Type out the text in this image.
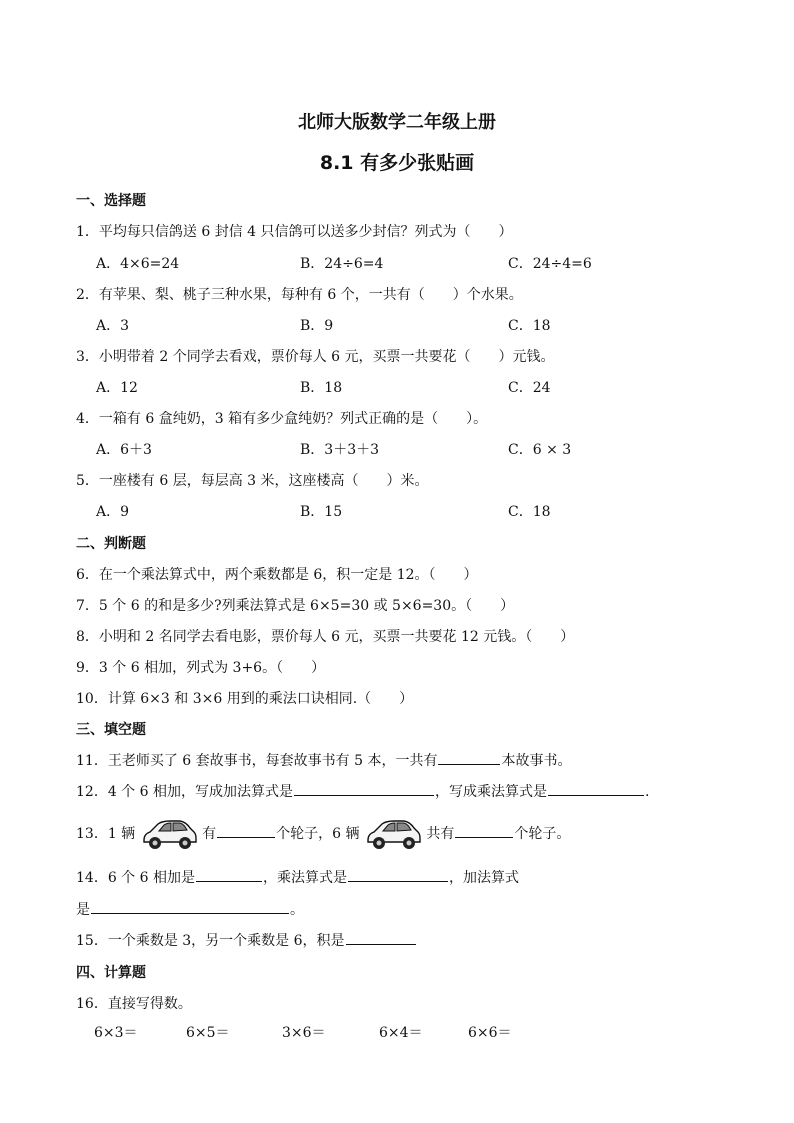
北师大版数学二年级上册
8.1 有多少张贴画
一、选择题
1．平均每只信鸽送 6 封信 4 只信鸽可以送多少封信？列式为（　　）
A．4×6=24	B．24÷6=4	C．24÷4=6
2．有苹果、梨、桃子三种水果，每种有 6 个，一共有（　　）个水果。
A．3	B．9	C．18
3．小明带着 2 个同学去看戏，票价每人 6 元，买票一共要花（　　）元钱。
A．12	B．18	C．24
4．一箱有 6 盒纯奶，3 箱有多少盒纯奶？列式正确的是（　　）。
A．6＋3	B．3＋3＋3	C．6 × 3
5．一座楼有 6 层，每层高 3 米，这座楼高（　　）米。
A．9	B．15	C．18
二、判断题
6．在一个乘法算式中，两个乘数都是 6，积一定是 12。（　　）
7．5 个 6 的和是多少?列乘法算式是 6×5=30 或 5×6=30。（　　）
8．小明和 2 名同学去看电影，票价每人 6 元，买票一共要花 12 元钱。（　　）
9．3 个 6 相加，列式为 3+6。（　　）
10．计算 6×3 和 3×6 用到的乘法口诀相同.（　　）
三、填空题
11．王老师买了 6 套故事书，每套故事书有 5 本，一共有	本故事书。
12．4 个 6 相加，写成加法算式是	，写成乘法算式是	.
13．1 辆	有	个轮子，6 辆	共有	个轮子。
14．6 个 6 相加是	，乘法算式是	，加法算式
是	。
15．一个乘数是 3，另一个乘数是 6，积是
四、计算题
16．直接写得数。
6×3＝	6×5＝	3×6＝	6×4＝	6×6＝
